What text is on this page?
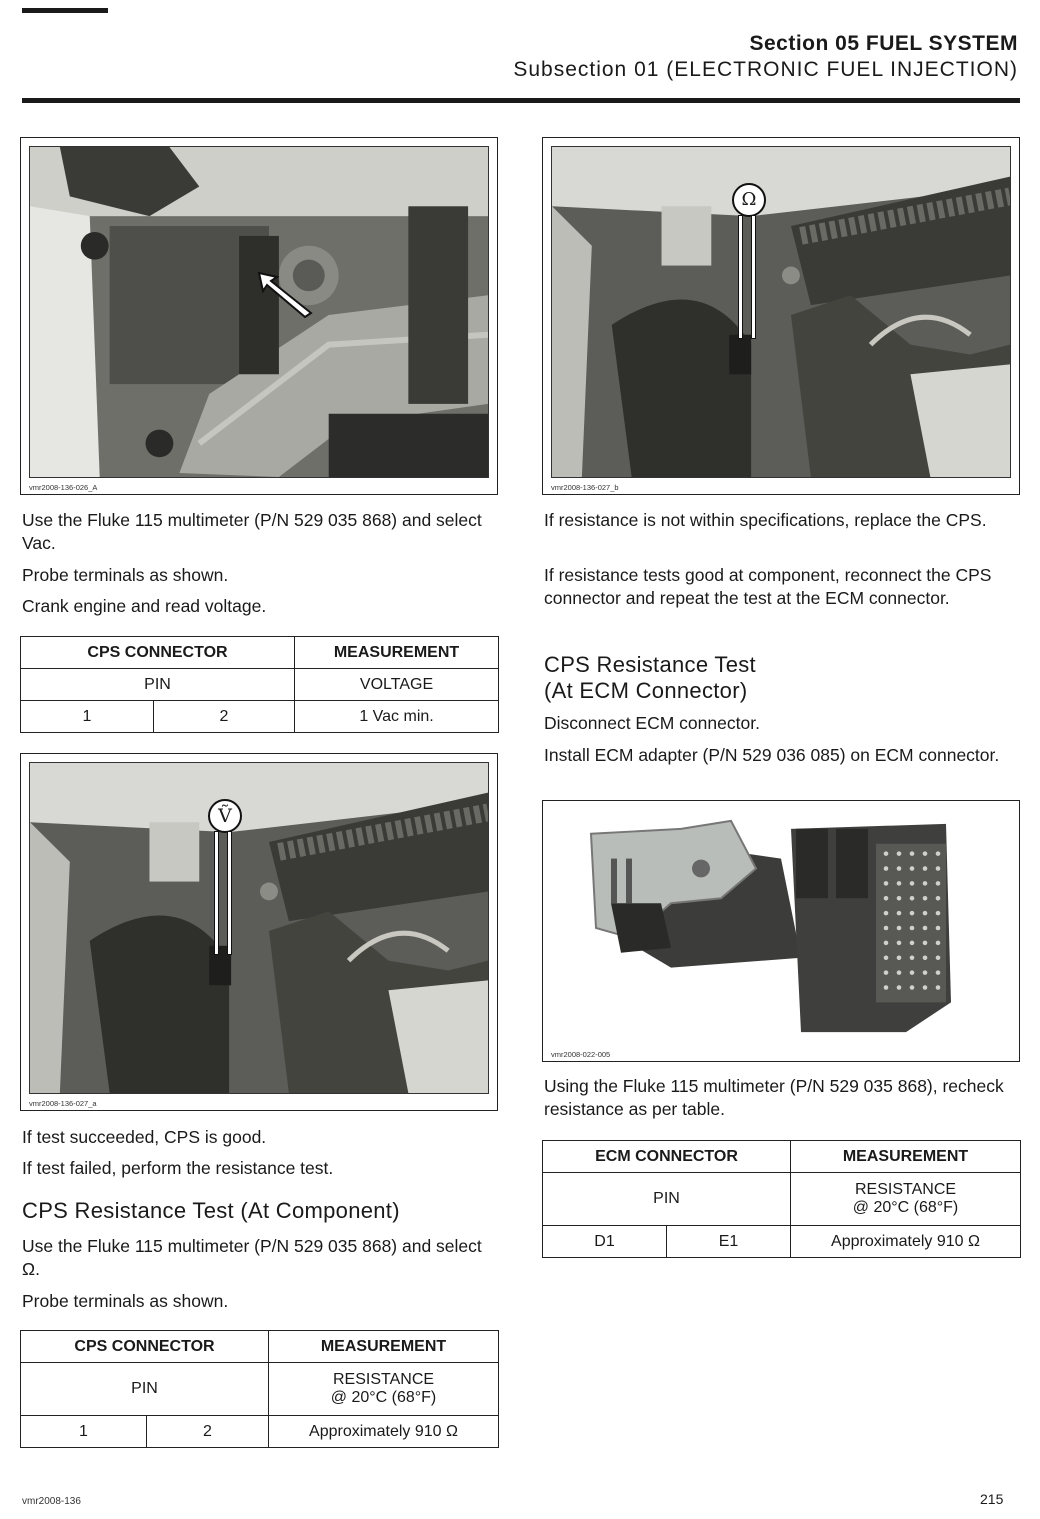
Section 05 FUEL SYSTEM
Subsection 01 (ELECTRONIC FUEL INJECTION)
vmr2008-136-026_A

Use the Fluke 115 multimeter (P/N 529 035 868) and select Vac.

Probe terminals as shown.

Crank engine and read voltage.

CPS CONNECTOR		MEASUREMENT
PIN		VOLTAGE
1	2	1 Vac min.
Ṽ
vmr2008-136-027_a

If test succeeded, CPS is good.

If test failed, perform the resistance test.

CPS Resistance Test (At Component)

Use the Fluke 115 multimeter (P/N 529 035 868) and select Ω.

Probe terminals as shown.

CPS CONNECTOR		MEASUREMENT
PIN		RESISTANCE
@ 20°C (68°F)
1	2	Approximately 910 Ω
Ω
vmr2008-136-027_b

If resistance is not within specifications, replace the CPS.

If resistance tests good at component, reconnect the CPS connector and repeat the test at the ECM connector.

CPS Resistance Test
(At ECM Connector)

Disconnect ECM connector.

Install ECM adapter (P/N 529 036 085) on ECM connector.

vmr2008-022-005

Using the Fluke 115 multimeter (P/N 529 035 868), recheck resistance as per table.

ECM CONNECTOR		MEASUREMENT
PIN		RESISTANCE
@ 20°C (68°F)
D1	E1	Approximately 910 Ω
vmr2008-136	215
